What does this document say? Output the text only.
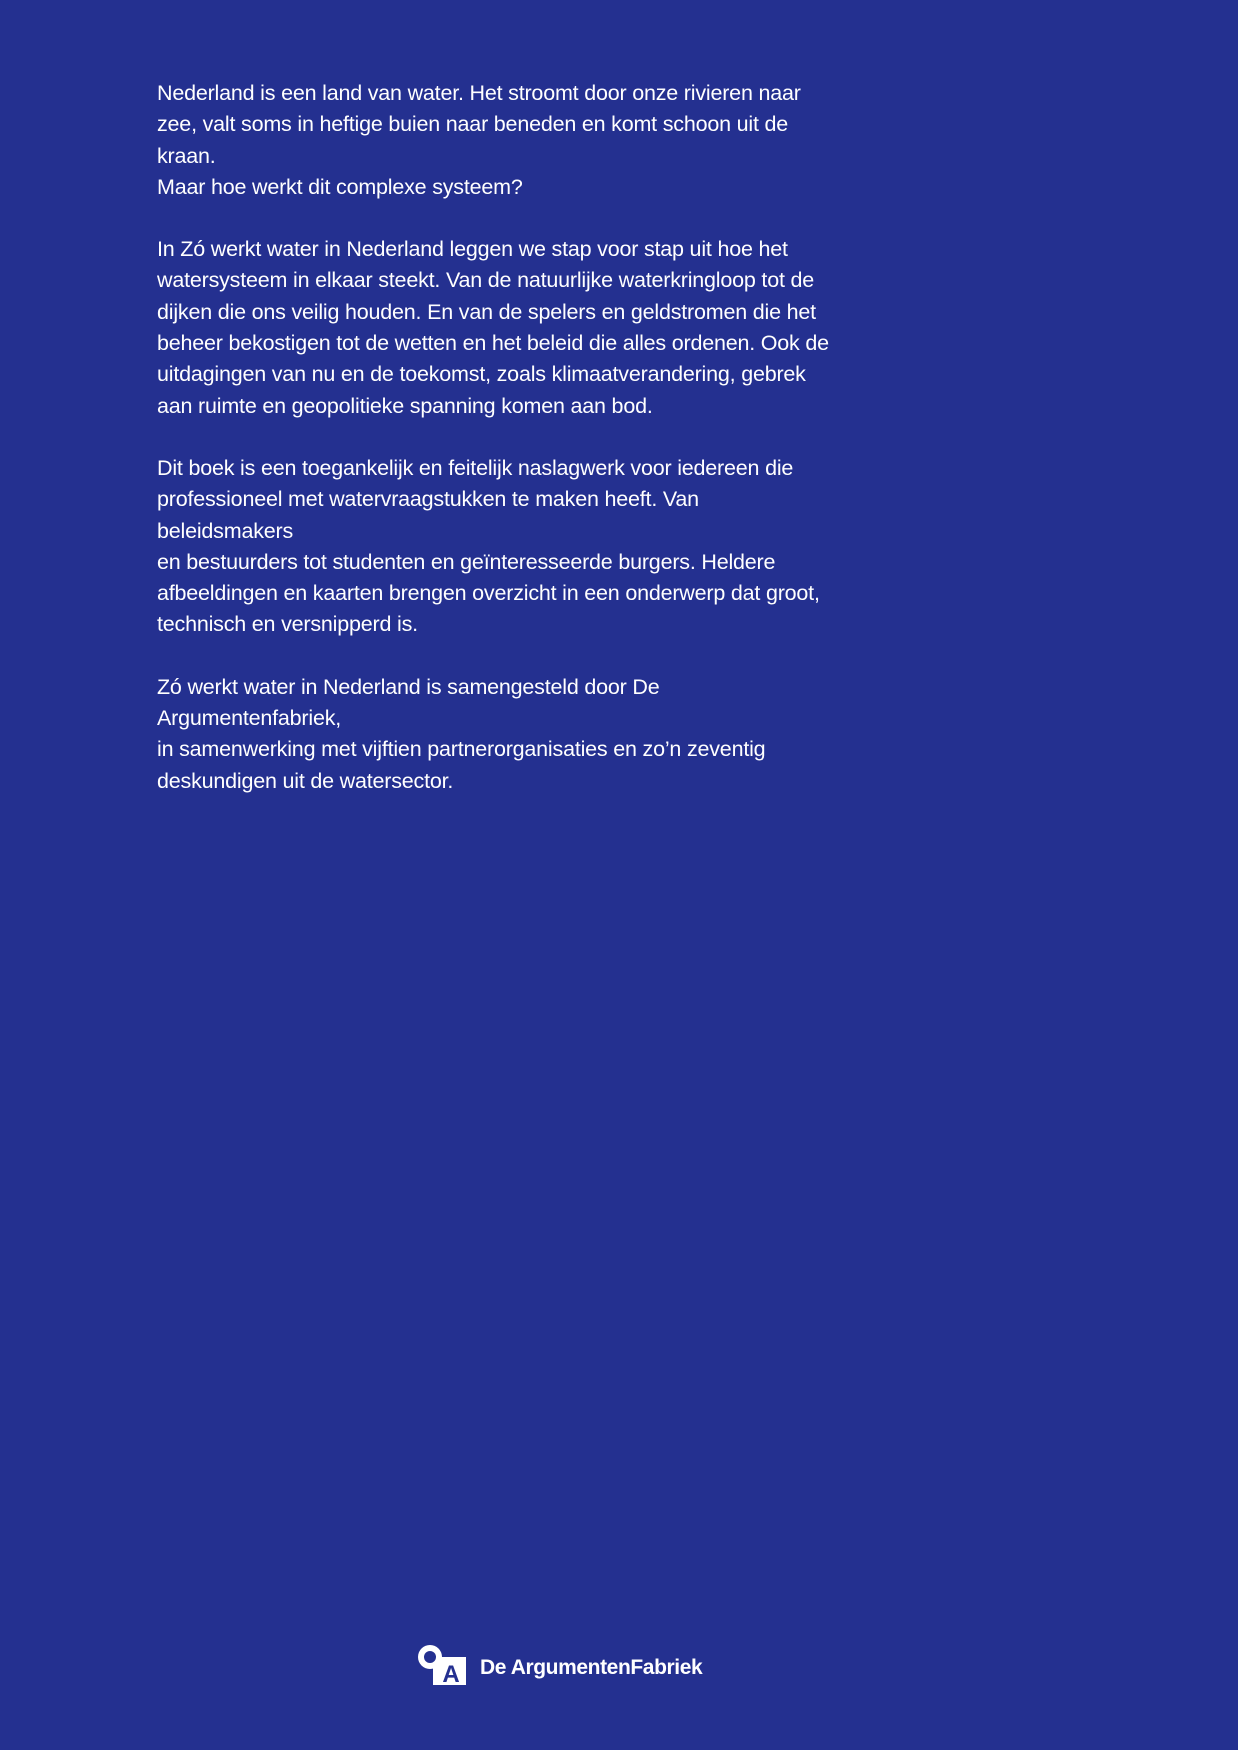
Nederland is een land van water. Het stroomt door onze rivieren naar
zee, valt soms in heftige buien naar beneden en komt schoon uit de kraan.
Maar hoe werkt dit complexe systeem?

In Zó werkt water in Nederland leggen we stap voor stap uit hoe het
watersysteem in elkaar steekt. Van de natuurlijke waterkringloop tot de
dijken die ons veilig houden. En van de spelers en geldstromen die het
beheer bekostigen tot de wetten en het beleid die alles ordenen. Ook de
uitdagingen van nu en de toekomst, zoals klimaatverandering, gebrek
aan ruimte en geopolitieke spanning komen aan bod.

Dit boek is een toegankelijk en feitelijk naslagwerk voor iedereen die
professioneel met watervraagstukken te maken heeft. Van beleidsmakers
en bestuurders tot studenten en geïnteresseerde burgers. Heldere
afbeeldingen en kaarten brengen overzicht in een onderwerp dat groot,
technisch en versnipperd is.

Zó werkt water in Nederland is samengesteld door De Argumentenfabriek,
in samenwerking met vijftien partnerorganisaties en zo’n zeventig
deskundigen uit de watersector.

A De ArgumentenFabriek
